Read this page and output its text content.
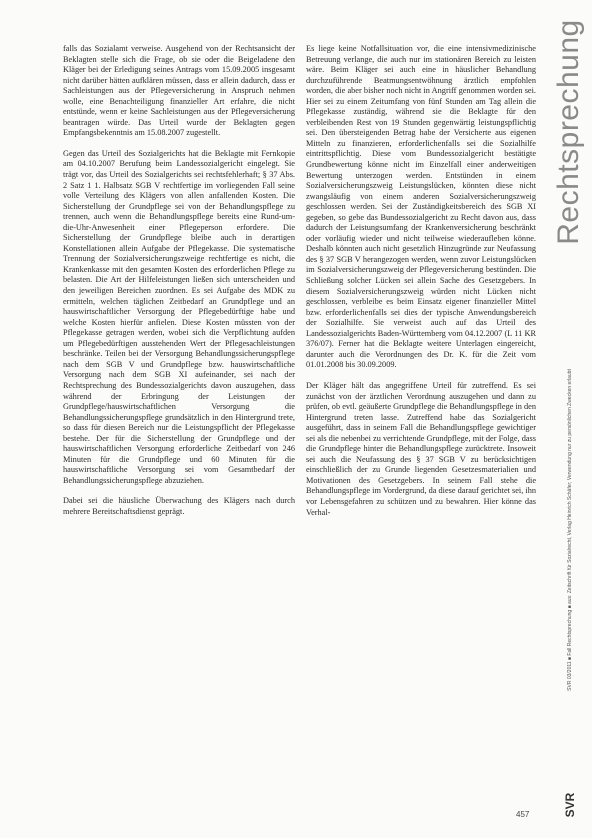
falls das Sozialamt verweise. Ausgehend von der Rechtsansicht der Beklagten stelle sich die Frage, ob sie oder die Beigeladene den Kläger bei der Erledigung seines Antrags vom 15.09.2005 insgesamt nicht darüber hätten aufklären müssen, dass er allein dadurch, dass er Sachleistungen aus der Pflegeversicherung in Anspruch nehmen wolle, eine Benachteiligung finanzieller Art erfahre, die nicht entstünde, wenn er keine Sachleistungen aus der Pflegeversicherung beantragen würde. Das Urteil wurde der Beklagten gegen Empfangsbekenntnis am 15.08.2007 zugestellt.

Gegen das Urteil des Sozialgerichts hat die Beklagte mit Fernkopie am 04.10.2007 Berufung beim Landessozialgericht eingelegt. Sie trägt vor, das Urteil des Sozialgerichts sei rechtsfehlerhaft; § 37 Abs. 2 Satz 1 1. Halbsatz SGB V rechtfertige im vorliegenden Fall seine volle Verteilung des Klägers von allen anfallenden Kosten. Die Sicherstellung der Grundpflege sei von der Behandlungspflege zu trennen, auch wenn die Behandlungspflege bereits eine Rund-um-die-Uhr-Anwesenheit einer Pflegeperson erfordere. Die Sicherstellung der Grundpflege bleibe auch in derartigen Konstellationen allein Aufgabe der Pflegekasse. Die systematische Trennung der Sozialversicherungszweige rechtfertige es nicht, die Krankenkasse mit den gesamten Kosten des erforderlichen Pflege zu belasten. Die Art der Hilfeleistungen ließen sich unterscheiden und den jeweiligen Bereichen zuordnen. Es sei Aufgabe des MDK zu ermitteln, welchen täglichen Zeitbedarf an Grundpflege und an hauswirtschaftlicher Versorgung der Pflegebedürftige habe und welche Kosten hierfür anfielen. Diese Kosten müssten von der Pflegekasse getragen werden, wobei sich die Verpflichtung aufden um Pflegebedürftigen ausstehenden Wert der Pflegesachleistungen beschränke. Teilen bei der Versorgung Behandlungssicherungspflege nach dem SGB V und Grundpflege bzw. hauswirtschaftliche Versorgung nach dem SGB XI aufeinander, sei nach der Rechtsprechung des Bundessozialgerichts davon auszugehen, dass während der Erbringung der Leistungen der Grundpflege/hauswirtschaftlichen Versorgung die Behandlungssicherungspflege grundsätzlich in den Hintergrund trete, so dass für diesen Bereich nur die Leistungspflicht der Pflegekasse bestehe. Der für die Sicherstellung der Grundpflege und der hauswirtschaftlichen Versorgung erforderliche Zeitbedarf von 246 Minuten für die Grundpflege und 60 Minuten für die hauswirtschaftliche Versorgung sei vom Gesamtbedarf der Behandlungssicherungspflege abzuziehen.

Dabei sei die häusliche Überwachung des Klägers nach durch mehrere Bereitschaftsdienst geprägt.

Es liege keine Notfallsituation vor, die eine intensivmedizinische Betreuung verlange, die auch nur im stationären Bereich zu leisten wäre. Beim Kläger sei auch eine in häuslicher Behandlung durchzuführende Beatmungsentwöhnung ärztlich empfohlen worden, die aber bisher noch nicht in Angriff genommen worden sei. Hier sei zu einem Zeitumfang von fünf Stunden am Tag allein die Pflegekasse zuständig, während sie die Beklagte für den verbleibenden Rest von 19 Stunden gegenwärtig leistungspflichtig sei. Den übersteigenden Betrag habe der Versicherte aus eigenen Mitteln zu finanzieren, erforderlichenfalls sei die Sozialhilfe eintrittspflichtig. Diese vom Bundessozialgericht bestätigte Grundbewertung könne nicht im Einzelfall einer anderweitigen Bewertung unterzogen werden. Entstünden in einem Sozialversicherungszweig Leistungslücken, könnten diese nicht zwangsläufig von einem anderen Sozialversicherungszweig geschlossen werden. Sei der Zuständigkeitsbereich des SGB XI gegeben, so gebe das Bundessozialgericht zu Recht davon aus, dass dadurch der Leistungsumfang der Krankenversicherung beschränkt oder vorläufig wieder und nicht teilweise wiederaufleben könne. Deshalb könnten auch nicht gesetzlich Hinzugründe zur Neufassung des § 37 SGB V herangezogen werden, wenn zuvor Leistungslücken im Sozialversicherungszweig der Pflegeversicherung bestünden. Die Schließung solcher Lücken sei allein Sache des Gesetzgebers. In diesem Sozialversicherungszweig würden nicht Lücken nicht geschlossen, verbleibe es beim Einsatz eigener finanzieller Mittel bzw. erforderlichenfalls sei dies der typische Anwendungsbereich der Sozialhilfe. Sie verweist auch auf das Urteil des Landessozialgerichts Baden-Württemberg vom 04.12.2007 (L 11 KR 376/07). Ferner hat die Beklagte weitere Unterlagen eingereicht, darunter auch die Verordnungen des Dr. K. für die Zeit vom 01.01.2008 bis 30.09.2009.

Der Kläger hält das angegriffene Urteil für zutreffend. Es sei zunächst von der ärztlichen Verordnung auszugehen und dann zu prüfen, ob evtl. geäußerte Grundpflege die Behandlungspflege in den Hintergrund treten lasse. Zutreffend habe das Sozialgericht ausgeführt, dass in seinem Fall die Behandlungspflege gewichtiger sei als die nebenbei zu verrichtende Grundpflege, mit der Folge, dass die Grundpflege hinter die Behandlungspflege zurücktrete. Insoweit sei auch die Neufassung des § 37 SGB V zu berücksichtigen einschließlich der zu Grunde liegenden Gesetzesmaterialien und Motivationen des Gesetzgebers. In seinem Fall stehe die Behandlungspflege im Vordergrund, da diese darauf gerichtet sei, ihn vor Lebensgefahren zu schützen und zu bewahren. Hier könne das Verhal-

Rechtsprechung
SVR 03/2011 ■ Fall Rechtsprechung ■ aus: Zeitschrift für Sozialrecht, Verlag Heinrich Schäfer; Verwendung nur zu persönlichen Zwecken erlaubt
SVR
457
